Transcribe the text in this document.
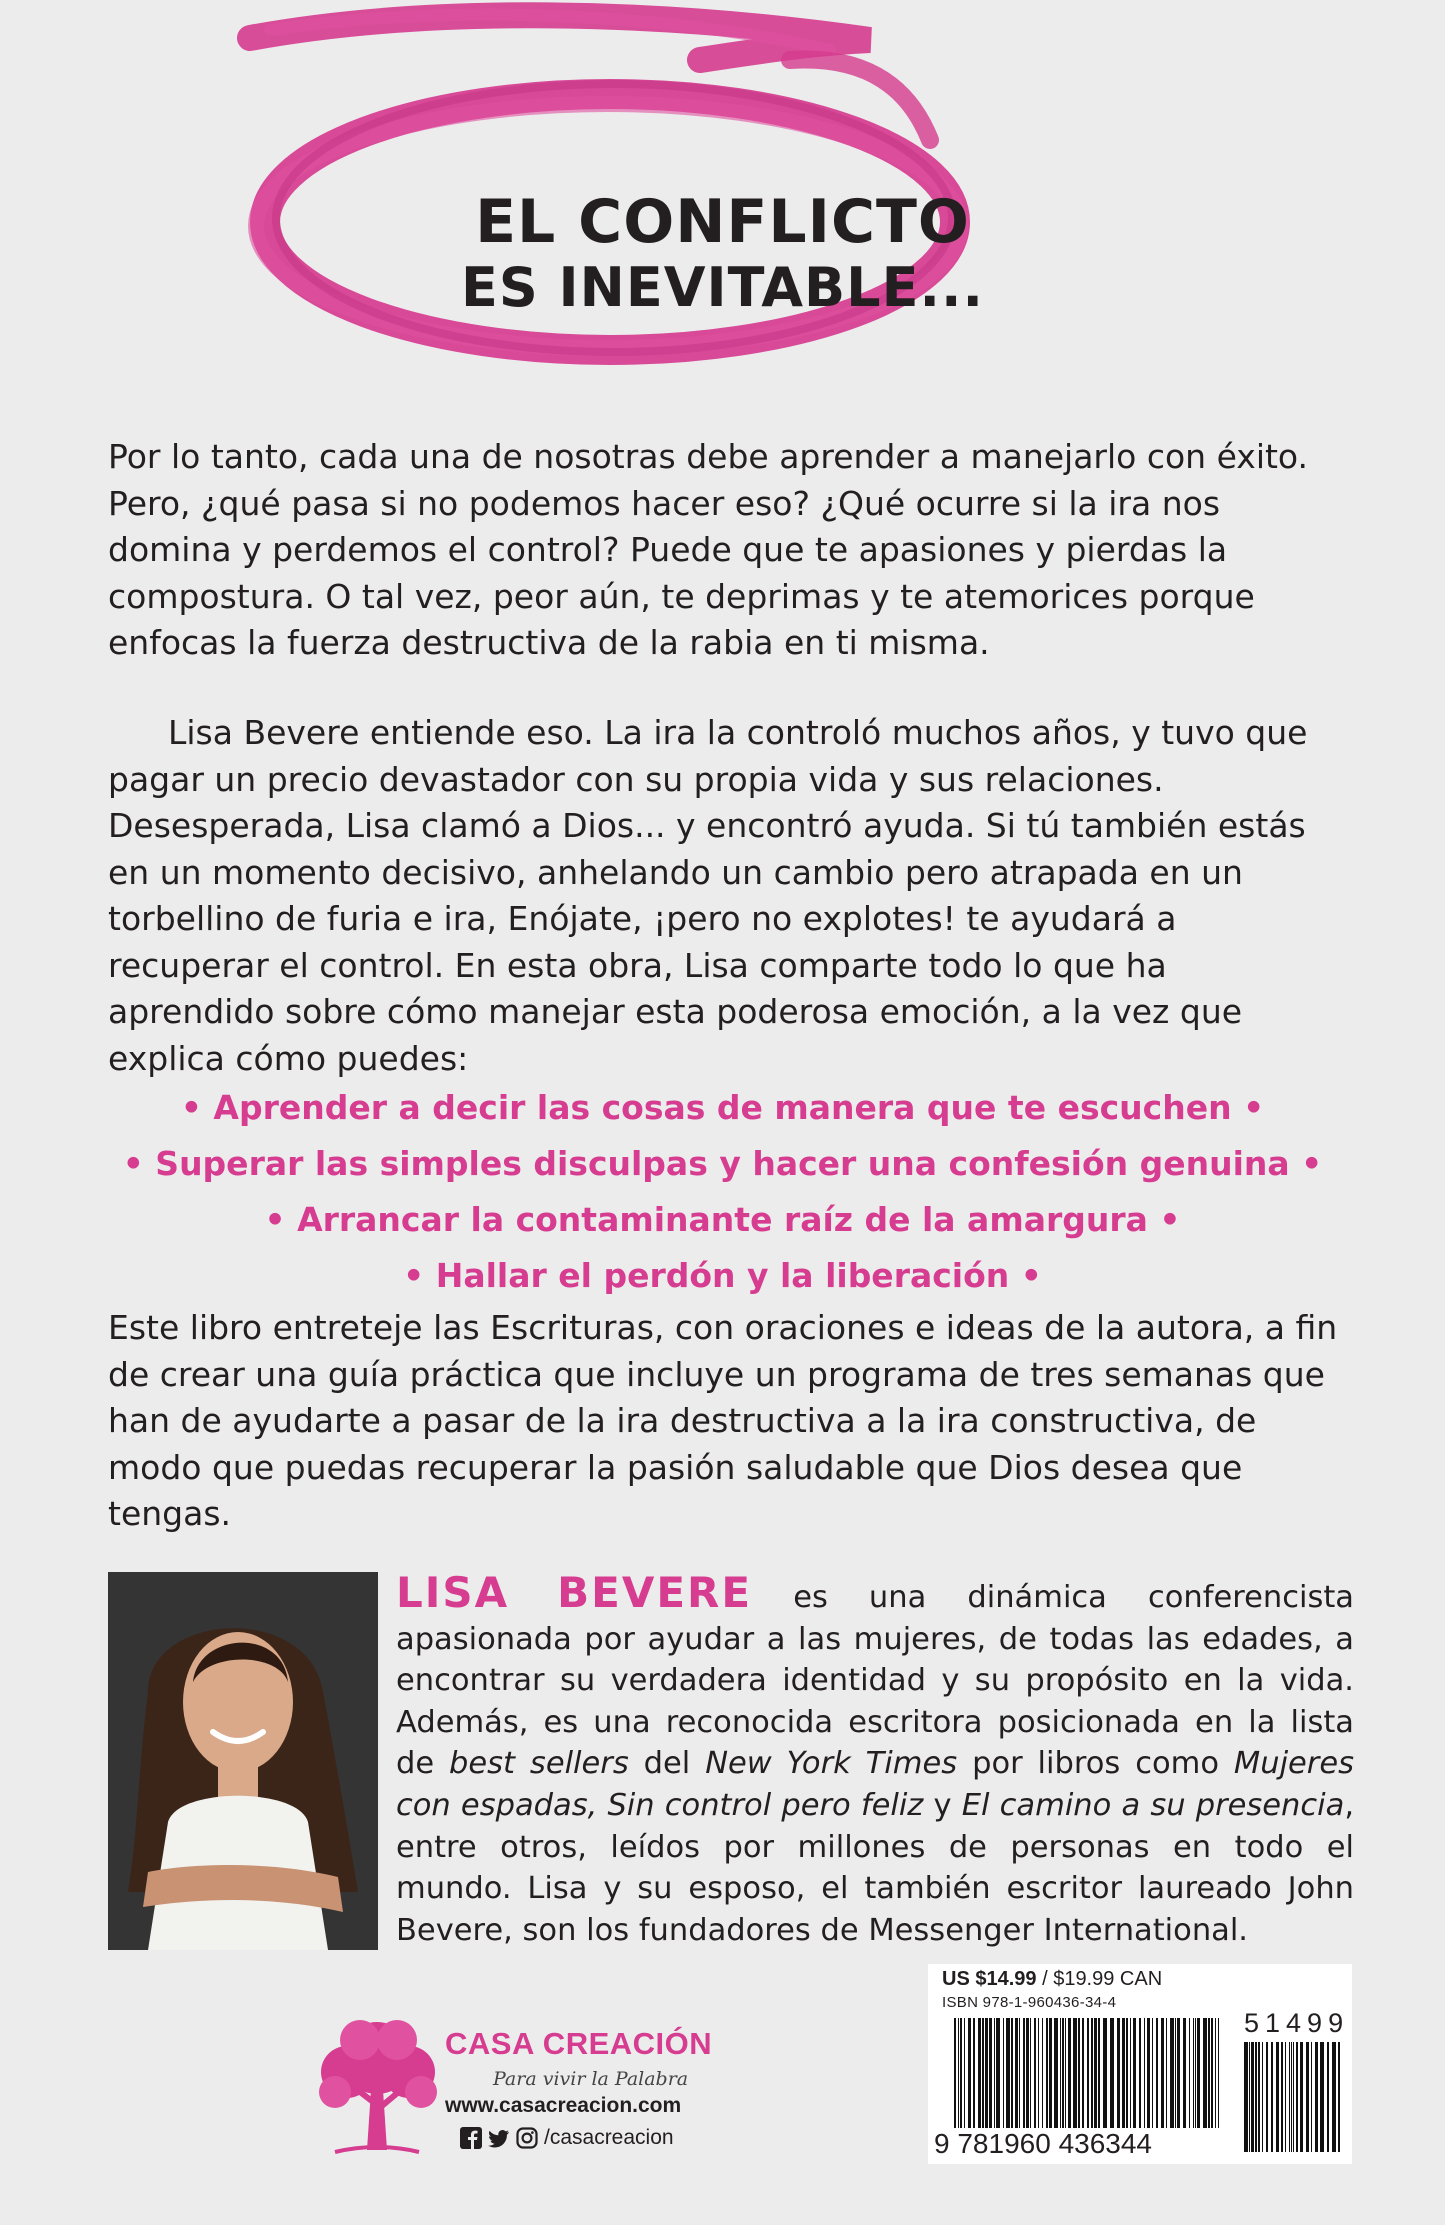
EL CONFLICTO
ES INEVITABLE...
Por lo tanto, cada una de nosotras debe aprender a manejarlo con éxito. Pero, ¿qué pasa si no podemos hacer eso? ¿Qué ocurre si la ira nos domina y perdemos el control? Puede que te apasiones y pierdas la compostura. O tal vez, peor aún, te deprimas y te atemorices porque enfocas la fuerza destructiva de la rabia en ti misma.
Lisa Bevere entiende eso. La ira la controló muchos años, y tuvo que pagar un precio devastador con su propia vida y sus relaciones. Desesperada, Lisa clamó a Dios... y encontró ayuda. Si tú también estás en un momento decisivo, anhelando un cambio pero atrapada en un torbellino de furia e ira, Enójate, ¡pero no explotes! te ayudará a recuperar el control. En esta obra, Lisa comparte todo lo que ha aprendido sobre cómo manejar esta poderosa emoción, a la vez que explica cómo puedes:
• Aprender a decir las cosas de manera que te escuchen •
• Superar las simples disculpas y hacer una confesión genuina •
• Arrancar la contaminante raíz de la amargura •
• Hallar el perdón y la liberación •
Este libro entreteje las Escrituras, con oraciones e ideas de la autora, a fin de crear una guía práctica que incluye un programa de tres semanas que han de ayudarte a pasar de la ira destructiva a la ira constructiva, de modo que puedas recuperar la pasión saludable que Dios desea que tengas.
LISA BEVERE es una dinámica conferencista apasionada por ayudar a las mujeres, de todas las edades, a encontrar su verdadera identidad y su propósito en la vida. Además, es una reconocida escritora posicionada en la lista de best sellers del New York Times por libros como Mujeres con espadas, Sin control pero feliz y El camino a su presencia, entre otros, leídos por millones de personas en todo el mundo. Lisa y su esposo, el también escritor laureado John Bevere, son los fundadores de Messenger International.
CASA CREACIÓN
Para vivir la Palabra
www.casacreacion.com
/casacreacion
US $14.99 / $19.99 CAN
ISBN 978-1-960436-34-4
51499
9 781960 436344
